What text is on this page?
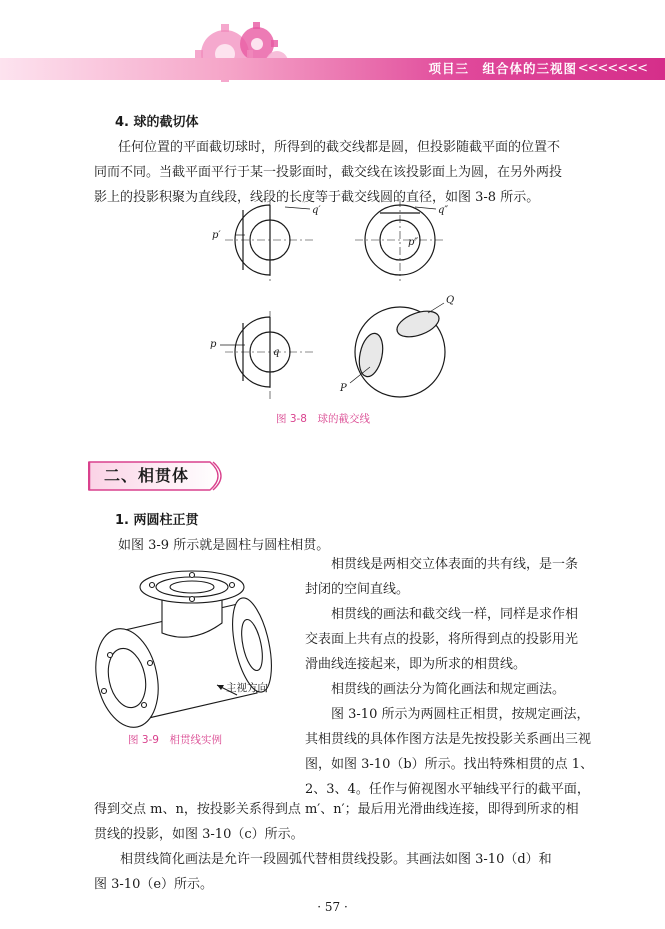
项目三　组合体的三视图 <<<<<<<
4. 球的截切体
任何位置的平面截切球时，所得到的截交线都是圆，但投影随截平面的位置不
同而不同。当截平面平行于某一投影面时，截交线在该投影面上为圆，在另外两投
影上的投影积聚为直线段，线段的长度等于截交线圆的直径，如图 3-8 所示。
q′
p′
q″
p″
p
q
Q
P
图 3-8　球的截交线
二、相贯体
1. 两圆柱正贯
如图 3-9 所示就是圆柱与圆柱相贯。
主视方向
图 3-9　相贯线实例
　　相贯线是两相交立体表面的共有线，是一条
封闭的空间直线。
　　相贯线的画法和截交线一样，同样是求作相
交表面上共有点的投影，将所得到点的投影用光
滑曲线连接起来，即为所求的相贯线。
　　相贯线的画法分为简化画法和规定画法。
　　图 3-10 所示为两圆柱正相贯，按规定画法，
其相贯线的具体作图方法是先按投影关系画出三视
图，如图 3-10（b）所示。找出特殊相贯的点 1、
2、3、4。任作与俯视图水平轴线平行的截平面，
得到交点 m、n，按投影关系得到点 m′、n′；最后用光滑曲线连接，即得到所求的相
贯线的投影，如图 3-10（c）所示。
· 57 ·
　　相贯线简化画法是允许一段圆弧代替相贯线投影。其画法如图 3-10（d）和
图 3-10（e）所示。
